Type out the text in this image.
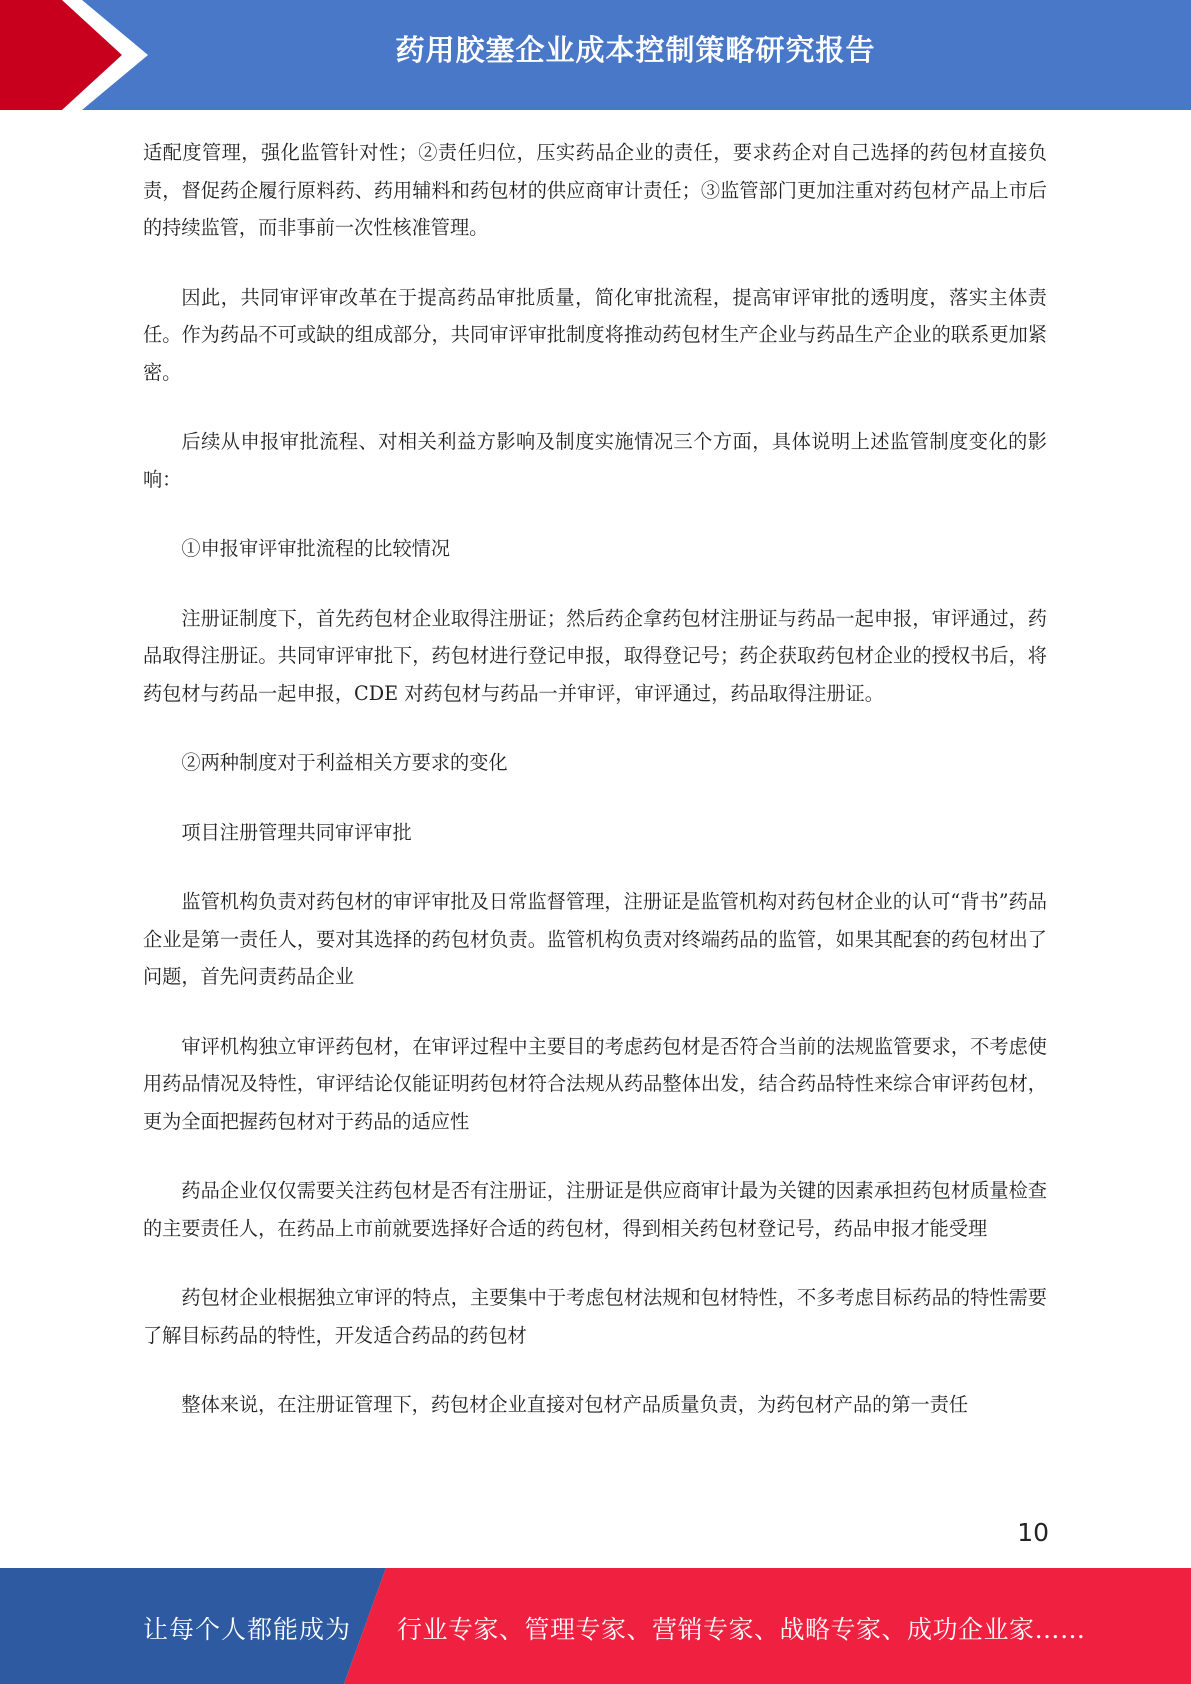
药用胶塞企业成本控制策略研究报告

适配度管理，强化监管针对性；②责任归位，压实药品企业的责任，要求药企对自己选择的药包材直接负责，督促药企履行原料药、药用辅料和药包材的供应商审计责任；③监管部门更加注重对药包材产品上市后的持续监管，而非事前一次性核准管理。

因此，共同审评审改革在于提高药品审批质量，简化审批流程，提高审评审批的透明度，落实主体责任。作为药品不可或缺的组成部分，共同审评审批制度将推动药包材生产企业与药品生产企业的联系更加紧密。

后续从申报审批流程、对相关利益方影响及制度实施情况三个方面，具体说明上述监管制度变化的影响：

①申报审评审批流程的比较情况

注册证制度下，首先药包材企业取得注册证；然后药企拿药包材注册证与药品一起申报，审评通过，药品取得注册证。共同审评审批下，药包材进行登记申报，取得登记号；药企获取药包材企业的授权书后，将药包材与药品一起申报，CDE 对药包材与药品一并审评，审评通过，药品取得注册证。

②两种制度对于利益相关方要求的变化

项目注册管理共同审评审批

监管机构负责对药包材的审评审批及日常监督管理，注册证是监管机构对药包材企业的认可“背书”药品企业是第一责任人，要对其选择的药包材负责。监管机构负责对终端药品的监管，如果其配套的药包材出了问题，首先问责药品企业

审评机构独立审评药包材，在审评过程中主要目的考虑药包材是否符合当前的法规监管要求，不考虑使用药品情况及特性，审评结论仅能证明药包材符合法规从药品整体出发，结合药品特性来综合审评药包材，更为全面把握药包材对于药品的适应性

药品企业仅仅需要关注药包材是否有注册证，注册证是供应商审计最为关键的因素承担药包材质量检查的主要责任人，在药品上市前就要选择好合适的药包材，得到相关药包材登记号，药品申报才能受理

药包材企业根据独立审评的特点，主要集中于考虑包材法规和包材特性，不多考虑目标药品的特性需要了解目标药品的特性，开发适合药品的药包材

整体来说，在注册证管理下，药包材企业直接对包材产品质量负责，为药包材产品的第一责任

10
让每个人都能成为 行业专家、管理专家、营销专家、战略专家、成功企业家……
